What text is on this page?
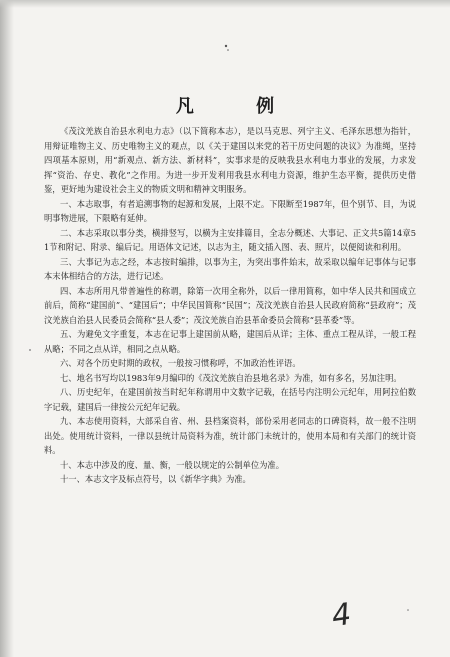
凡 例

《茂汶羌族自治县水利电力志》（以下简称本志），是以马克思、列宁主义、毛泽东思想为指针，用辩证唯物主义、历史唯物主义的观点，以《关于建国以来党的若干历史问题的决议》为准绳，坚持四项基本原则，用“新观点、新方法、新材料”，实事求是的反映我县水利电力事业的发展，力求发挥“资治、存史、教化”之作用。为进一步开发利用我县水利电力资源，维护生态平衡，提供历史借鉴，更好地为建设社会主义的物质文明和精神文明服务。

一、本志取事，有者追溯事物的起源和发展，上限不定。下限断至1987年，但个别节、目，为说明事物进展，下限略有延伸。

二、本志采取以事分类，横排竖写，以横为主安排篇目，全志分概述、大事记、正文共5篇14章51节和附记、附录、编后记。用语体文记述，以志为主，随文插入图、表、照片，以便阅读和利用。

三、大事记为志之经，本志按时编排，以事为主，为突出事件始末，故采取以编年记事体与记事本末体相结合的方法，进行记述。

四、本志所用凡带普遍性的称谓，除第一次用全称外，以后一律用简称，如中华人民共和国成立前后，简称“建国前”、“建国后”；中华民国简称“民国”；茂汶羌族自治县人民政府简称“县政府”；茂汶羌族自治县人民委员会简称“县人委”；茂汶羌族自治县革命委员会简称“县革委”等。

五、为避免文字重复，本志在记事上建国前从略，建国后从详；主体、重点工程从详，一般工程从略；不同之点从详，相同之点从略。

六、对各个历史时期的政权，一般按习惯称呼，不加政治性评语。

七、地名书写均以1983年9月编印的《茂汶羌族自治县地名录》为准，如有多名，另加注明。

八、历史纪年，在建国前按当时纪年称谓用中文数字记载，在括号内注明公元纪年，用阿拉伯数字记载，建国后一律按公元纪年记载。

九、本志使用资料，大部采自省、州、县档案资料，部份采用老同志的口碑资料，故一般不注明出处。使用统计资料，一律以县统计局资料为准，统计部门未统计的，使用本局和有关部门的统计资料。

十、本志中涉及的度、量、衡，一般以规定的公制单位为准。

十一、本志文字及标点符号，以《新华字典》为准。

4
